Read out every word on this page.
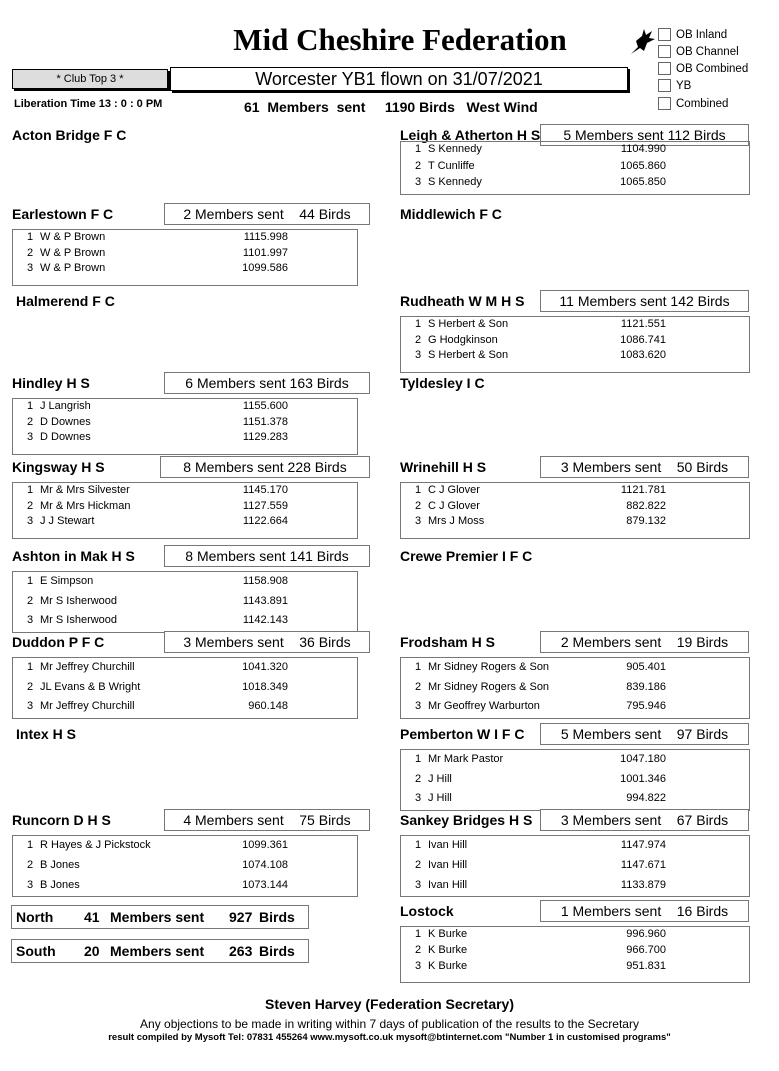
Mid Cheshire Federation	OB Inland
OB Channel
OB Combined
YB
Combined
* Club Top 3 *	Worcester YB1 flown on 31/07/2021
Liberation Time 13 : 0 : 0 PM	61  Members  sent     1190 Birds   West Wind
Acton Bridge F C
Earlestown F C	2 Members sent    44 Birds
1 W & P Brown	1115.998
2 W & P Brown	1101.997
3 W & P Brown	1099.586
Halmerend F C
Hindley H S	6 Members sent 163 Birds
1 J Langrish	1155.600
2 D Downes	1151.378
3 D Downes	1129.283
Kingsway H S	8 Members sent 228 Birds
1 Mr & Mrs Silvester	1145.170
2 Mr & Mrs Hickman	1127.559
3 J J Stewart	1122.664
Ashton in Mak H S	8 Members sent 141 Birds
1 E Simpson	1158.908
2 Mr S Isherwood	1143.891
3 Mr S Isherwood	1142.143
Duddon P F C	3 Members sent    36 Birds
1 Mr Jeffrey Churchill	1041.320
2 JL Evans & B Wright	1018.349
3 Mr Jeffrey Churchill	960.148
Intex H S
Runcorn D H S	4 Members sent    75 Birds
1 R Hayes & J Pickstock	1099.361
2 B Jones	1074.108
3 B Jones	1073.144
Leigh & Atherton H S	5 Members sent 112 Birds
1 S Kennedy	1104.990
2 T Cunliffe	1065.860
3 S Kennedy	1065.850
Middlewich F C
Rudheath W M H S	11 Members sent 142 Birds
1 S Herbert & Son	1121.551
2 G Hodgkinson	1086.741
3 S Herbert & Son	1083.620
Tyldesley I C
Wrinehill H S	3 Members sent    50 Birds
1 C J Glover	1121.781
2 C J Glover	882.822
3 Mrs J Moss	879.132
Crewe Premier I F C
Frodsham H S	2 Members sent    19 Birds
1 Mr Sidney Rogers & Son	905.401
2 Mr Sidney Rogers & Son	839.186
3 Mr Geoffrey Warburton	795.946
Pemberton W I F C	5 Members sent    97 Birds
1 Mr Mark Pastor	1047.180
2 J Hill	1001.346
3 J Hill	994.822
Sankey Bridges H S	3 Members sent    67 Birds
1 Ivan Hill	1147.974
2 Ivan Hill	1147.671
3 Ivan Hill	1133.879
Lostock	1 Members sent    16 Birds
1 K Burke	996.960
2 K Burke	966.700
3 K Burke	951.831
North 41 Members sent 927 Birds
South 20 Members sent 263 Birds
Steven Harvey (Federation Secretary)
Any objections to be made in writing within 7 days of publication of the results to the Secretary
result compiled by Mysoft Tel: 07831 455264 www.mysoft.co.uk mysoft@btinternet.com "Number 1 in customised programs"
